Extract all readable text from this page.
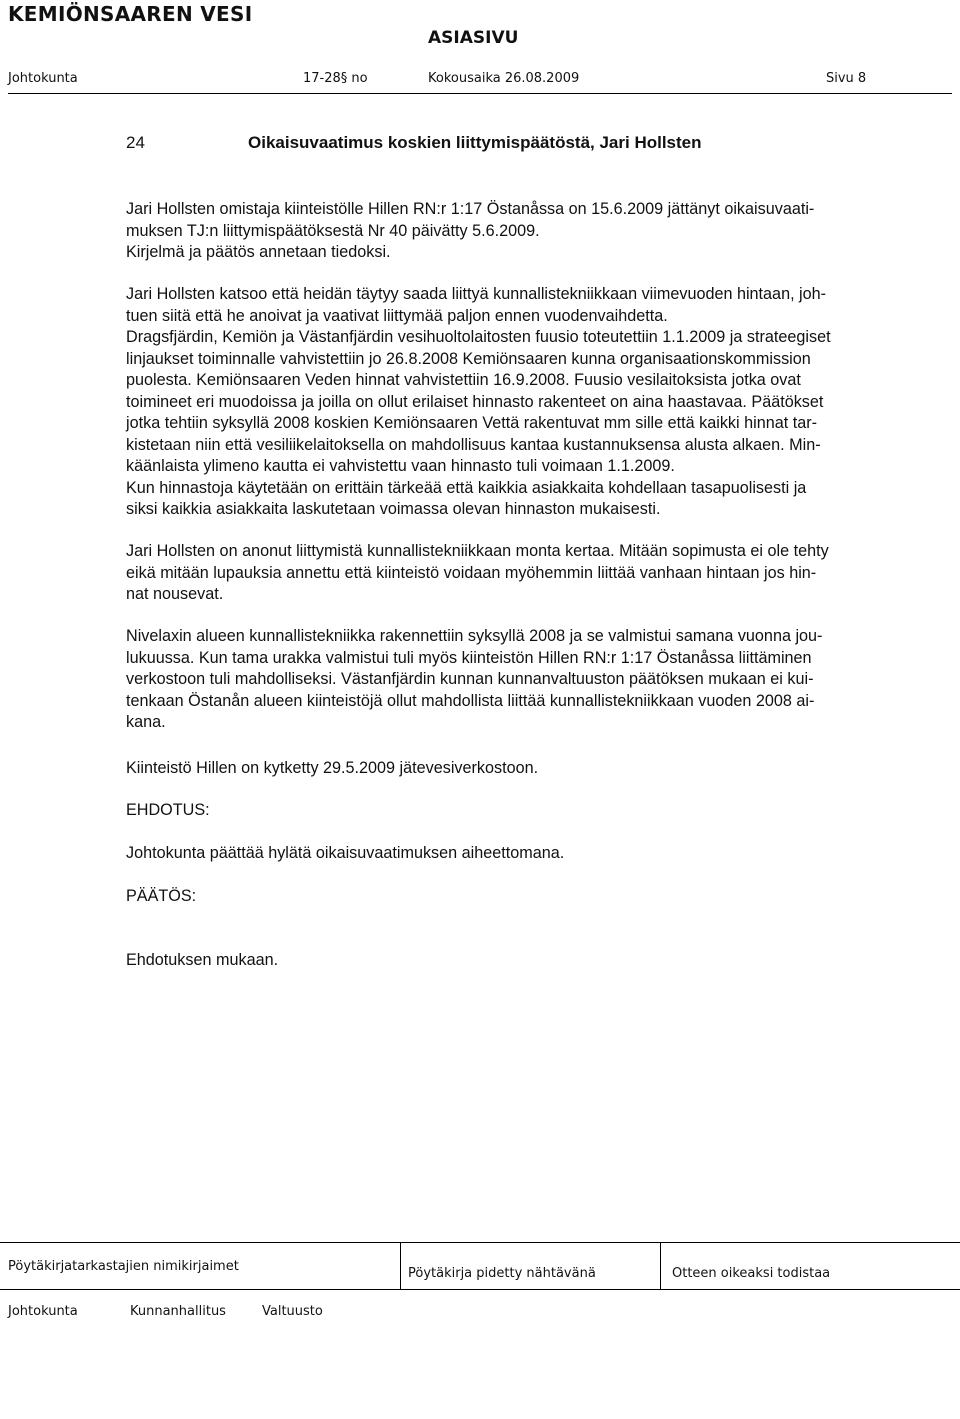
KEMIÖNSAAREN VESI
ASIASIVU
Johtokunta	17-28§ no	Kokousaika 26.08.2009	Sivu 8
24	Oikaisuvaatimus koskien liittymispäätöstä, Jari Hollsten

Jari Hollsten omistaja kiinteistölle Hillen RN:r 1:17 Östanåssa on 15.6.2009 jättänyt oikaisuvaati-
muksen TJ:n liittymispäätöksestä Nr 40 päivätty 5.6.2009.
Kirjelmä ja päätös annetaan tiedoksi.

Jari Hollsten katsoo että heidän täytyy saada liittyä kunnallistekniikkaan viimevuoden hintaan, joh-
tuen siitä että he anoivat ja vaativat liittymää paljon ennen vuodenvaihdetta.
Dragsfjärdin, Kemiön ja Västanfjärdin vesihuoltolaitosten fuusio toteutettiin 1.1.2009 ja strateegiset
linjaukset toiminnalle vahvistettiin jo 26.8.2008 Kemiönsaaren kunna organisaationskommission
puolesta. Kemiönsaaren Veden hinnat vahvistettiin 16.9.2008. Fuusio vesilaitoksista jotka ovat
toimineet eri muodoissa ja joilla on ollut erilaiset hinnasto rakenteet on aina haastavaa. Päätökset
jotka tehtiin syksyllä 2008 koskien Kemiönsaaren Vettä rakentuvat mm sille että kaikki hinnat tar-
kistetaan niin että vesiliikelaitoksella on mahdollisuus kantaa kustannuksensa alusta alkaen. Min-
käänlaista ylimeno kautta ei vahvistettu vaan hinnasto tuli voimaan 1.1.2009.
Kun hinnastoja käytetään on erittäin tärkeää että kaikkia asiakkaita kohdellaan tasapuolisesti ja
siksi kaikkia asiakkaita laskutetaan voimassa olevan hinnaston mukaisesti.

Jari Hollsten on anonut liittymistä kunnallistekniikkaan monta kertaa. Mitään sopimusta ei ole tehty
eikä mitään lupauksia annettu että kiinteistö voidaan myöhemmin liittää vanhaan hintaan jos hin-
nat nousevat.

Nivelaxin alueen kunnallistekniikka rakennettiin syksyllä 2008 ja se valmistui samana vuonna jou-
lukuussa. Kun tama urakka valmistui tuli myös kiinteistön Hillen RN:r 1:17 Östanåssa liittäminen
verkostoon tuli mahdolliseksi. Västanfjärdin kunnan kunnanvaltuuston päätöksen mukaan ei kui-
tenkaan Östanån alueen kiinteistöjä ollut mahdollista liittää kunnallistekniikkaan vuoden 2008 ai-
kana.

Kiinteistö Hillen on kytketty 29.5.2009 jätevesiverkostoon.

EHDOTUS:

Johtokunta päättää hylätä oikaisuvaatimuksen aiheettomana.

PÄÄTÖS:

Ehdotuksen mukaan.

Pöytäkirjatarkastajien nimikirjaimet	Pöytäkirja pidetty nähtävänä	Otteen oikeaksi todistaa
Johtokunta	Kunnanhallitus	Valtuusto
